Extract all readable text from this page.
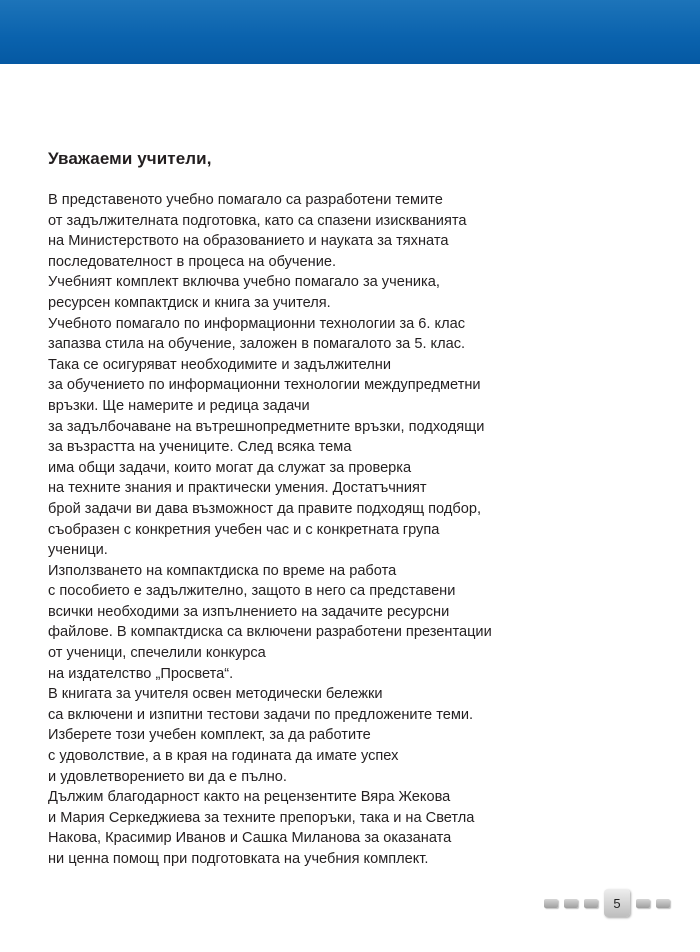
Уважаеми учители,
В представеното учебно помагало са разработени темите
от задължителната подготовка, като са спазени изискванията
на Министерството на образованието и науката за тяхната
последователност в процеса на обучение.
Учебният комплект включва учебно помагало за ученика,
ресурсен компактдиск и книга за учителя.
Учебното помагало по информационни технологии за 6. клас
запазва стила на обучение, заложен в помагалото за 5. клас.
Така се осигуряват необходимите и задължителни
за обучението по информационни технологии междупредметни
връзки. Ще намерите и редица задачи
за задълбочаване на вътрешнопредметните връзки, подходящи
за възрастта на учениците. След всяка тема
има общи задачи, които могат да служат за проверка
на техните знания и практически умения. Достатъчният
брой задачи ви дава възможност да правите подходящ подбор,
съобразен с конкретния учебен час и с конкретната група
ученици.
Използването на компактдиска по време на работа
с пособието е задължително, защото в него са представени
всички необходими за изпълнението на задачите ресурсни
файлове. В компактдиска са включени разработени презентации
от ученици, спечелили конкурса
на издателство „Просвета“.
В книгата за учителя освен методически бележки
са включени и изпитни тестови задачи по предложените теми.
Изберете този учебен комплект, за да работите
с удоволствие, а в края на годината да имате успех
и удовлетворението ви да е пълно.
Дължим благодарност както на рецензентите Вяра Жекова
и Мария Серкеджиева за техните препоръки, така и на Светла
Накова, Красимир Иванов и Сашка Миланова за оказаната
ни ценна помощ при подготовката на учебния комплект.
5
